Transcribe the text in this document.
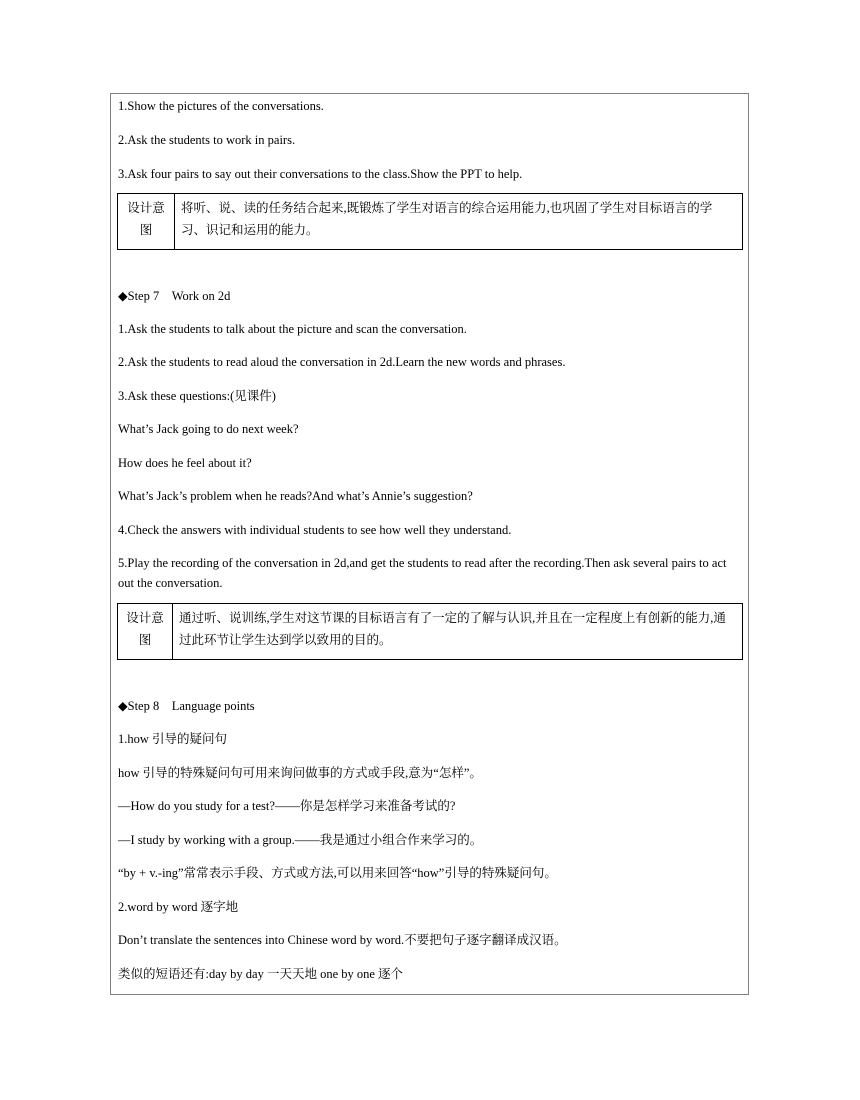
1.Show the pictures of the conversations.
2.Ask the students to work in pairs.
3.Ask four pairs to say out their conversations to the class.Show the PPT to help.
设计意图	将听、说、读的任务结合起来,既锻炼了学生对语言的综合运用能力,也巩固了学生对目标语言的学习、识记和运用的能力。
◆Step 7　Work on 2d
1.Ask the students to talk about the picture and scan the conversation.
2.Ask the students to read aloud the conversation in 2d.Learn the new words and phrases.
3.Ask these questions:(见课件)
What’s Jack going to do next week?
How does he feel about it?
What’s Jack’s problem when he reads?And what’s Annie’s suggestion?
4.Check the answers with individual students to see how well they understand.
5.Play the recording of the conversation in 2d,and get the students to read after the recording.Then ask several pairs to act out the conversation.
设计意图	通过听、说训练,学生对这节课的目标语言有了一定的了解与认识,并且在一定程度上有创新的能力,通过此环节让学生达到学以致用的目的。
◆Step 8　Language points
1.how 引导的疑问句
how 引导的特殊疑问句可用来询问做事的方式或手段,意为“怎样”。
—How do you study for a test?——你是怎样学习来准备考试的?
—I study by working with a group.——我是通过小组合作来学习的。
“by + v.-ing”常常表示手段、方式或方法,可以用来回答“how”引导的特殊疑问句。
2.word by word 逐字地
Don’t translate the sentences into Chinese word by word.不要把句子逐字翻译成汉语。
类似的短语还有:day by day 一天天地 one by one 逐个
